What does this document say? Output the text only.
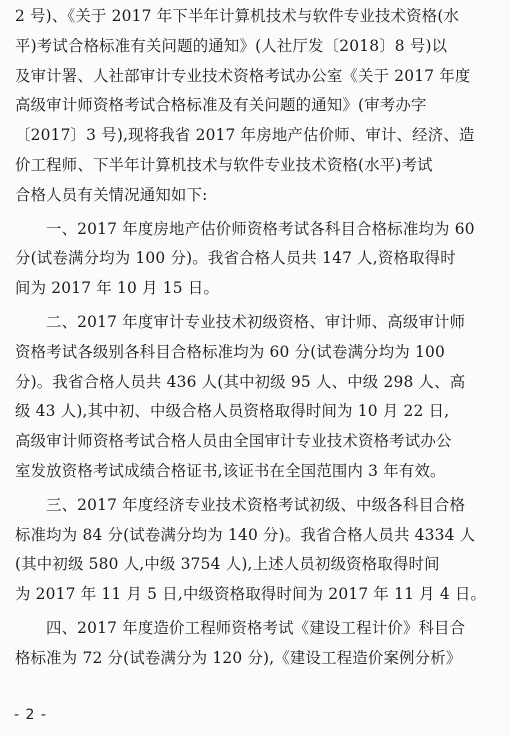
2 号)、《关于 2017 年下半年计算机技术与软件专业技术资格(水
平)考试合格标准有关问题的通知》(人社厅发〔2018〕8 号)以
及审计署、人社部审计专业技术资格考试办公室《关于 2017 年度
高级审计师资格考试合格标准及有关问题的通知》(审考办字
〔2017〕3 号),现将我省 2017 年房地产估价师、审计、经济、造
价工程师、下半年计算机技术与软件专业技术资格(水平)考试
合格人员有关情况通知如下:
一、2017 年度房地产估价师资格考试各科目合格标准均为 60
分(试卷满分均为 100 分)。我省合格人员共 147 人,资格取得时
间为 2017 年 10 月 15 日。
二、2017 年度审计专业技术初级资格、审计师、高级审计师
资格考试各级别各科目合格标准均为 60 分(试卷满分均为 100
分)。我省合格人员共 436 人(其中初级 95 人、中级 298 人、高
级 43 人),其中初、中级合格人员资格取得时间为 10 月 22 日,
高级审计师资格考试合格人员由全国审计专业技术资格考试办公
室发放资格考试成绩合格证书,该证书在全国范围内 3 年有效。
三、2017 年度经济专业技术资格考试初级、中级各科目合格
标准均为 84 分(试卷满分均为 140 分)。我省合格人员共 4334 人
(其中初级 580 人,中级 3754 人),上述人员初级资格取得时间
为 2017 年 11 月 5 日,中级资格取得时间为 2017 年 11 月 4 日。
四、2017 年度造价工程师资格考试《建设工程计价》科目合
格标准为 72 分(试卷满分为 120 分),《建设工程造价案例分析》
- 2 -
